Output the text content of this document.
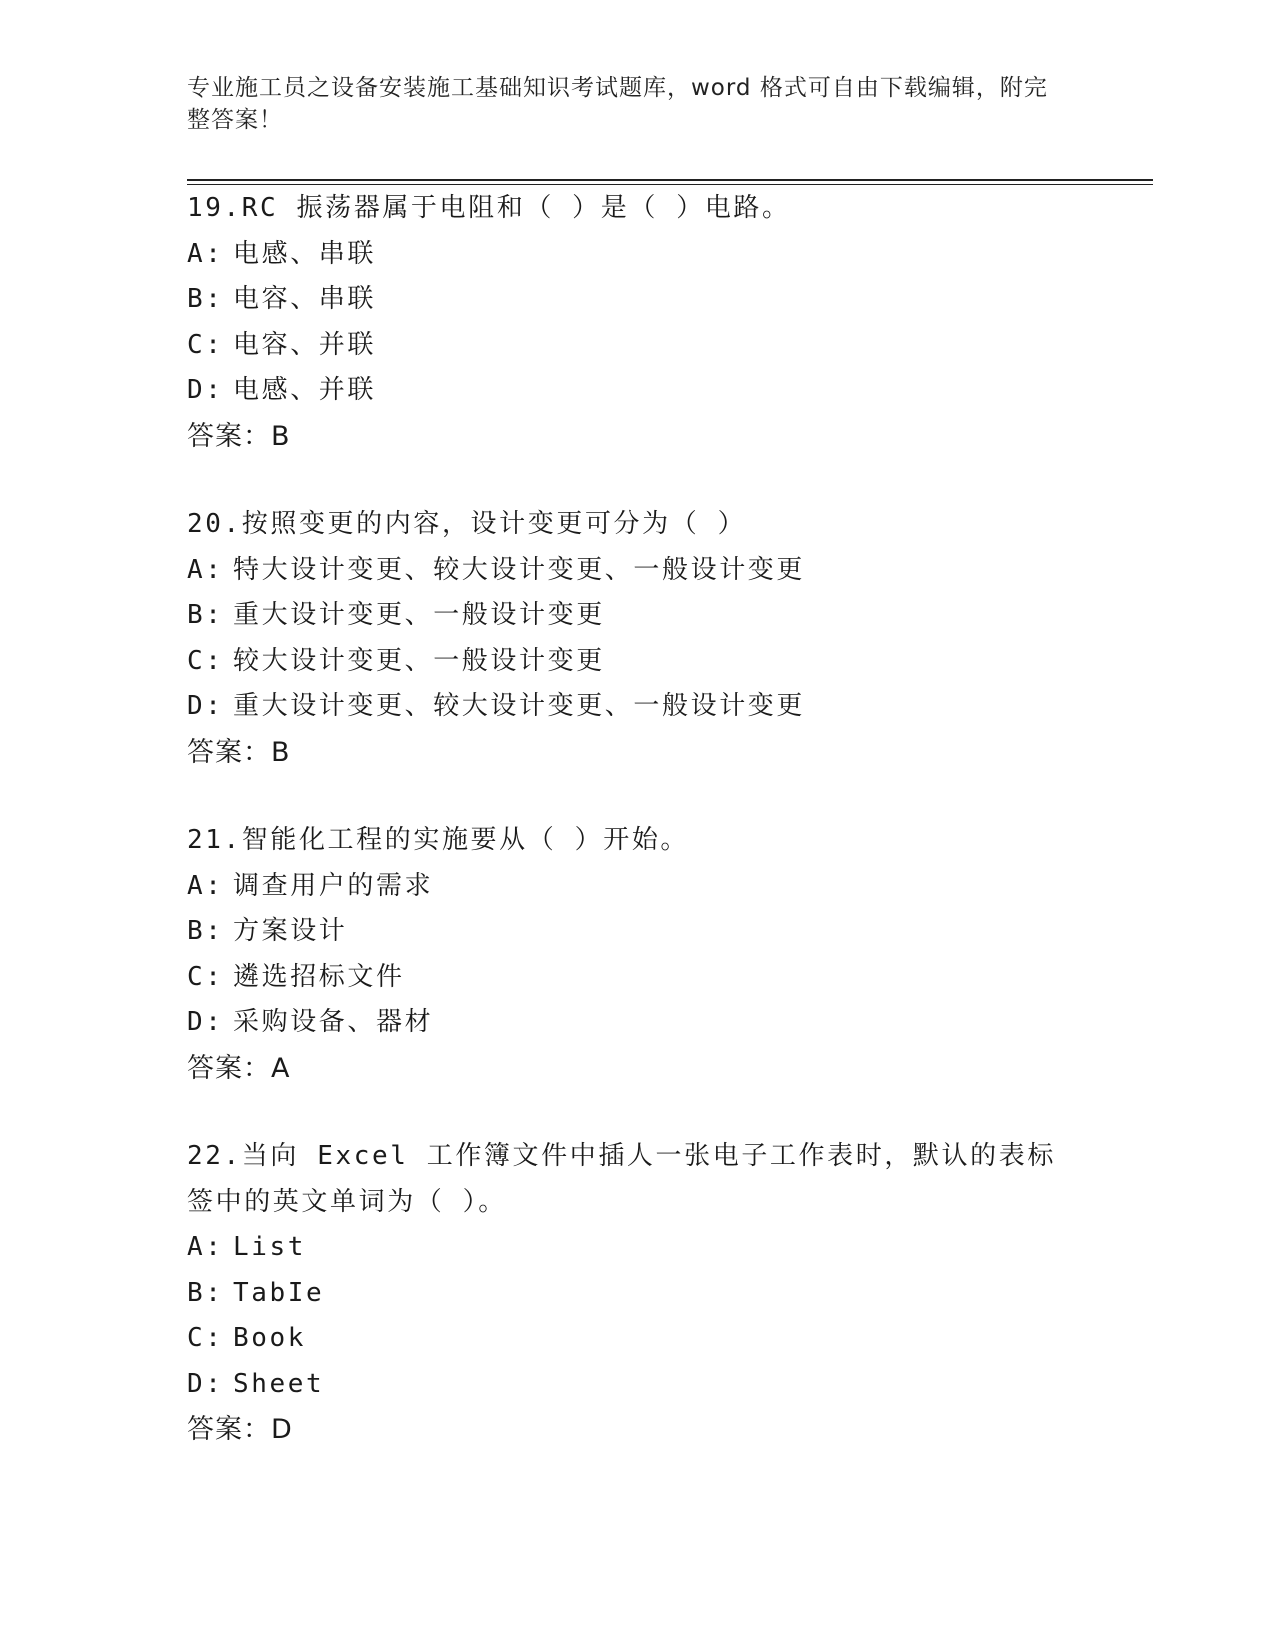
专业施工员之设备安装施工基础知识考试题库，word 格式可自由下载编辑，附完整答案！
19.RC 振荡器属于电阻和（ ）是（ ）电路。
A: 电感、串联
B: 电容、串联
C: 电容、并联
D: 电感、并联
答案：B
20.按照变更的内容，设计变更可分为（ ）
A: 特大设计变更、较大设计变更、一般设计变更
B: 重大设计变更、一般设计变更
C: 较大设计变更、一般设计变更
D: 重大设计变更、较大设计变更、一般设计变更
答案：B
21.智能化工程的实施要从（ ）开始。
A: 调查用户的需求
B: 方案设计
C: 遴选招标文件
D: 采购设备、器材
答案：A
22.当向 Excel 工作簿文件中插人一张电子工作表时，默认的表标签中的英文单词为（ ）。
A: List
B: TabIe
C: Book
D: Sheet
答案：D
